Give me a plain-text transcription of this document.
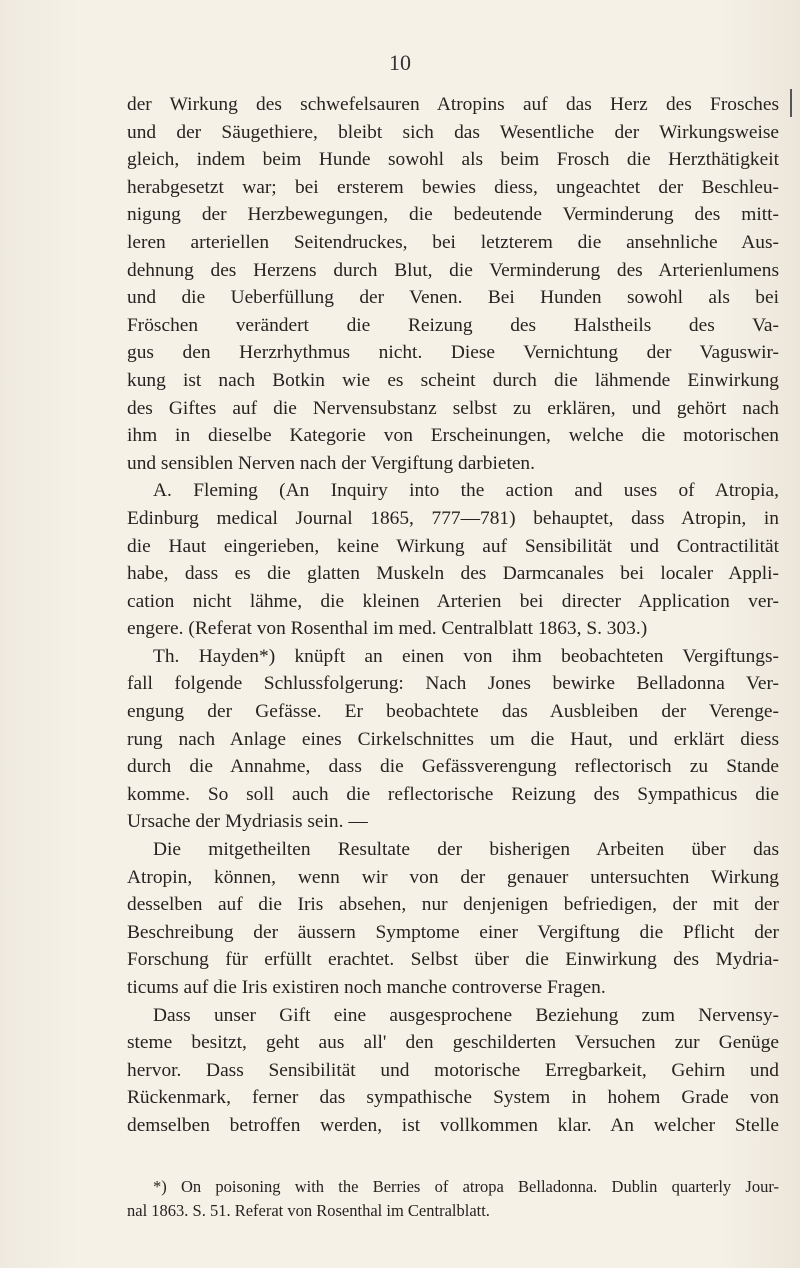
10
der Wirkung des schwefelsauren Atropins auf das Herz des Frosches
und der Säugethiere, bleibt sich das Wesentliche der Wirkungsweise
gleich, indem beim Hunde sowohl als beim Frosch die Herzthätigkeit
herabgesetzt war; bei ersterem bewies diess, ungeachtet der Beschleu-
nigung der Herzbewegungen, die bedeutende Verminderung des mitt-
leren arteriellen Seitendruckes, bei letzterem die ansehnliche Aus-
dehnung des Herzens durch Blut, die Verminderung des Arterienlumens
und die Ueberfüllung der Venen. Bei Hunden sowohl als bei
Fröschen verändert die Reizung des Halstheils des Va-
gus den Herzrhythmus nicht. Diese Vernichtung der Vaguswir-
kung ist nach Botkin wie es scheint durch die lähmende Einwirkung
des Giftes auf die Nervensubstanz selbst zu erklären, und gehört nach
ihm in dieselbe Kategorie von Erscheinungen, welche die motorischen
und sensiblen Nerven nach der Vergiftung darbieten.
A. Fleming (An Inquiry into the action and uses of Atropia,
Edinburg medical Journal 1865, 777—781) behauptet, dass Atropin, in
die Haut eingerieben, keine Wirkung auf Sensibilität und Contractilität
habe, dass es die glatten Muskeln des Darmcanales bei localer Appli-
cation nicht lähme, die kleinen Arterien bei directer Application ver-
engere. (Referat von Rosenthal im med. Centralblatt 1863, S. 303.)
Th. Hayden*) knüpft an einen von ihm beobachteten Vergiftungs-
fall folgende Schlussfolgerung: Nach Jones bewirke Belladonna Ver-
engung der Gefässe. Er beobachtete das Ausbleiben der Verenge-
rung nach Anlage eines Cirkelschnittes um die Haut, und erklärt diess
durch die Annahme, dass die Gefässverengung reflectorisch zu Stande
komme. So soll auch die reflectorische Reizung des Sympathicus die
Ursache der Mydriasis sein. —
Die mitgetheilten Resultate der bisherigen Arbeiten über das
Atropin, können, wenn wir von der genauer untersuchten Wirkung
desselben auf die Iris absehen, nur denjenigen befriedigen, der mit der
Beschreibung der äussern Symptome einer Vergiftung die Pflicht der
Forschung für erfüllt erachtet. Selbst über die Einwirkung des Mydria-
ticums auf die Iris existiren noch manche controverse Fragen.
Dass unser Gift eine ausgesprochene Beziehung zum Nervensy-
steme besitzt, geht aus all' den geschilderten Versuchen zur Genüge
hervor. Dass Sensibilität und motorische Erregbarkeit, Gehirn und
Rückenmark, ferner das sympathische System in hohem Grade von
demselben betroffen werden, ist vollkommen klar. An welcher Stelle
*) On poisoning with the Berries of atropa Belladonna. Dublin quarterly Jour-
nal 1863. S. 51. Referat von Rosenthal im Centralblatt.
